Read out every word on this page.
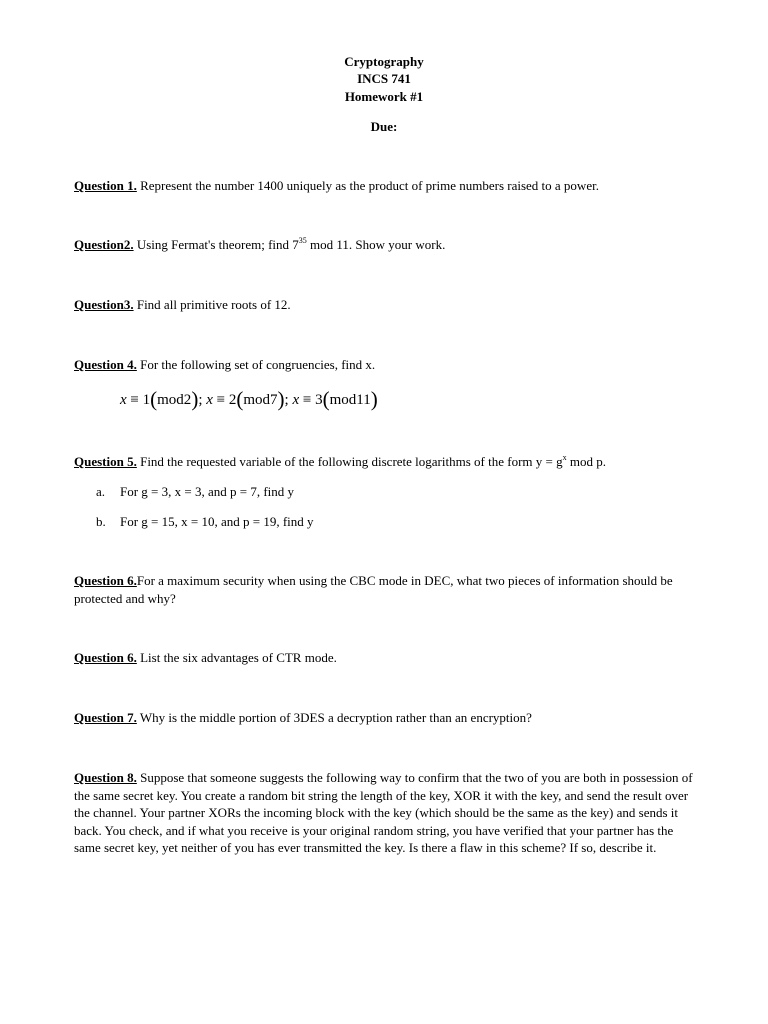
Cryptography

INCS 741

Homework #1

Due:

Question 1. Represent the number 1400 uniquely as the product of prime numbers raised to a power.

Question2. Using Fermat's theorem; find $7^{35}$ mod 11. Show your work.

Question3. Find all primitive roots of 12.

Question 4. For the following set of congruencies, find x.

x ≡ 1(mod2); x ≡ 2(mod7); x ≡ 3(mod11)

Question 5. Find the requested variable of the following discrete logarithms of the form $y = g^x$ mod p.

a. For g = 3, x = 3, and p = 7, find y
b. For g = 15, x = 10, and p = 19, find y

Question 6.For a maximum security when using the CBC mode in DEC, what two pieces of information should be protected and why?

Question 6. List the six advantages of CTR mode.

Question 7. Why is the middle portion of 3DES a decryption rather than an encryption?

Question 8. Suppose that someone suggests the following way to confirm that the two of you are both in possession of the same secret key. You create a random bit string the length of the key, XOR it with the key, and send the result over the channel. Your partner XORs the incoming block with the key (which should be the same as the key) and sends it back. You check, and if what you receive is your original random string, you have verified that your partner has the same secret key, yet neither of you has ever transmitted the key. Is there a flaw in this scheme? If so, describe it.
